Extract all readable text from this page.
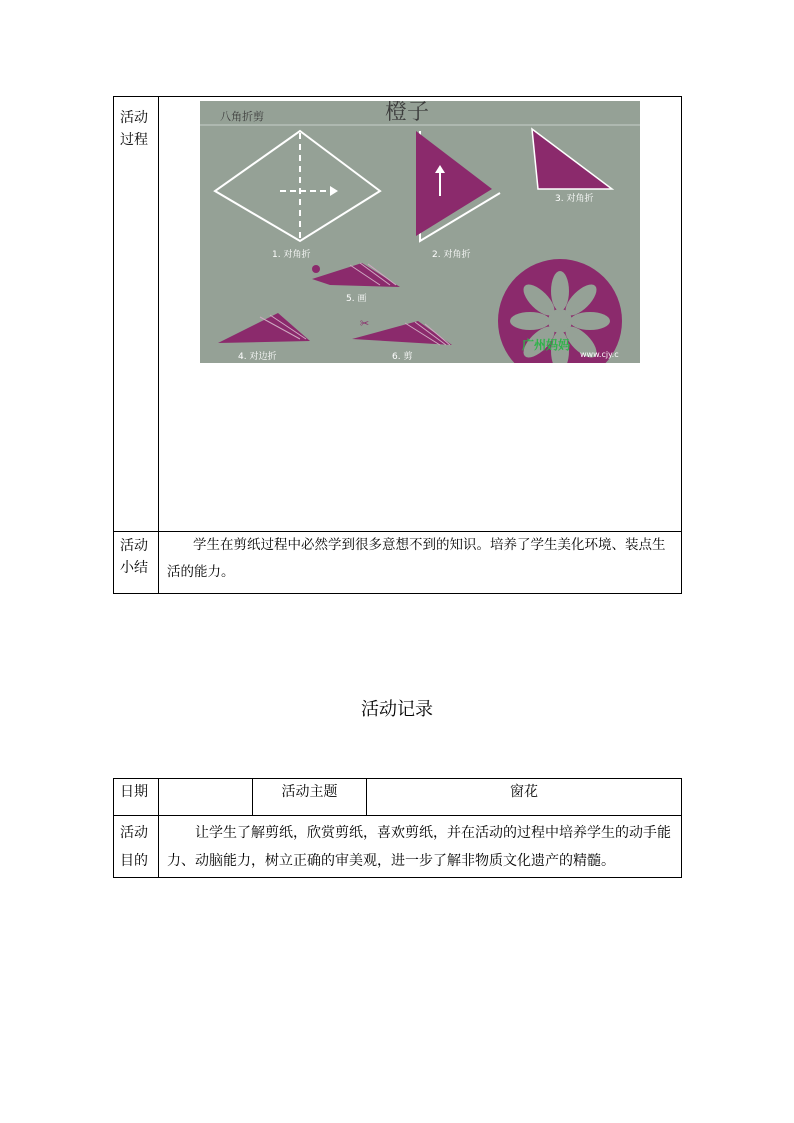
活动
过程	

活动
小结	学生在剪纸过程中必然学到很多意想不到的知识。培养了学生美化环境、装点生活的能力。
八角折剪	橙子
1. 对角折	2. 对角折
3. 对角折
5. 画
4. 对边折
✂
6. 剪
广州妈妈
www.cjy.c
活动记录
日期		活动主题	窗花

活动
目的	让学生了解剪纸，欣赏剪纸，喜欢剪纸，并在活动的过程中培养学生的动手能力、动脑能力，树立正确的审美观，进一步了解非物质文化遗产的精髓。		
